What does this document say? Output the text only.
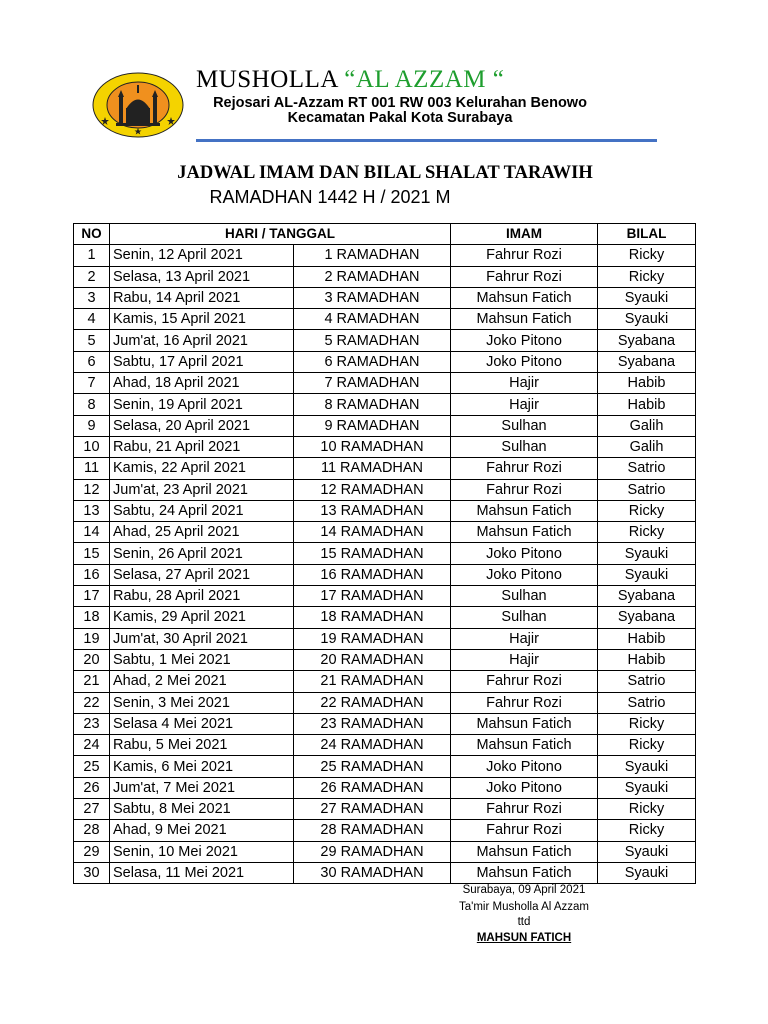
MUSHOLLA “AL AZZAM “
Rejosari AL-Azzam RT 001 RW 003 Kelurahan Benowo
Kecamatan Pakal Kota Surabaya
JADWAL IMAM DAN BILAL SHALAT TARAWIH
RAMADHAN 1442 H / 2021 M
NO	HARI / TANGGAL		IMAM	BILAL
1	Senin, 12 April 2021	1 RAMADHAN	Fahrur Rozi	Ricky
2	Selasa, 13 April 2021	2 RAMADHAN	Fahrur Rozi	Ricky
3	Rabu, 14 April 2021	3 RAMADHAN	Mahsun Fatich	Syauki
4	Kamis, 15 April 2021	4 RAMADHAN	Mahsun Fatich	Syauki
5	Jum'at, 16 April 2021	5 RAMADHAN	Joko Pitono	Syabana
6	Sabtu, 17 April 2021	6 RAMADHAN	Joko Pitono	Syabana
7	Ahad, 18 April 2021	7 RAMADHAN	Hajir	Habib
8	Senin, 19 April 2021	8 RAMADHAN	Hajir	Habib
9	Selasa, 20 April 2021	9 RAMADHAN	Sulhan	Galih
10	Rabu, 21 April 2021	10 RAMADHAN	Sulhan	Galih
11	Kamis, 22 April 2021	11 RAMADHAN	Fahrur Rozi	Satrio
12	Jum'at, 23 April 2021	12 RAMADHAN	Fahrur Rozi	Satrio
13	Sabtu, 24 April 2021	13 RAMADHAN	Mahsun Fatich	Ricky
14	Ahad, 25 April 2021	14 RAMADHAN	Mahsun Fatich	Ricky
15	Senin, 26 April 2021	15 RAMADHAN	Joko Pitono	Syauki
16	Selasa, 27 April 2021	16 RAMADHAN	Joko Pitono	Syauki
17	Rabu, 28 April 2021	17 RAMADHAN	Sulhan	Syabana
18	Kamis, 29 April 2021	18 RAMADHAN	Sulhan	Syabana
19	Jum'at, 30 April 2021	19 RAMADHAN	Hajir	Habib
20	Sabtu, 1 Mei 2021	20 RAMADHAN	Hajir	Habib
21	Ahad, 2 Mei 2021	21 RAMADHAN	Fahrur Rozi	Satrio
22	Senin, 3 Mei 2021	22 RAMADHAN	Fahrur Rozi	Satrio
23	Selasa 4 Mei 2021	23 RAMADHAN	Mahsun Fatich	Ricky
24	Rabu, 5 Mei 2021	24 RAMADHAN	Mahsun Fatich	Ricky
25	Kamis, 6 Mei 2021	25 RAMADHAN	Joko Pitono	Syauki
26	Jum'at, 7 Mei 2021	26 RAMADHAN	Joko Pitono	Syauki
27	Sabtu, 8 Mei 2021	27 RAMADHAN	Fahrur Rozi	Ricky
28	Ahad, 9 Mei 2021	28 RAMADHAN	Fahrur Rozi	Ricky
29	Senin, 10 Mei 2021	29 RAMADHAN	Mahsun Fatich	Syauki
30	Selasa, 11 Mei 2021	30 RAMADHAN	Mahsun Fatich	Syauki
Surabaya, 09 April 2021
Ta'mir Musholla Al Azzam
ttd
MAHSUN FATICH
